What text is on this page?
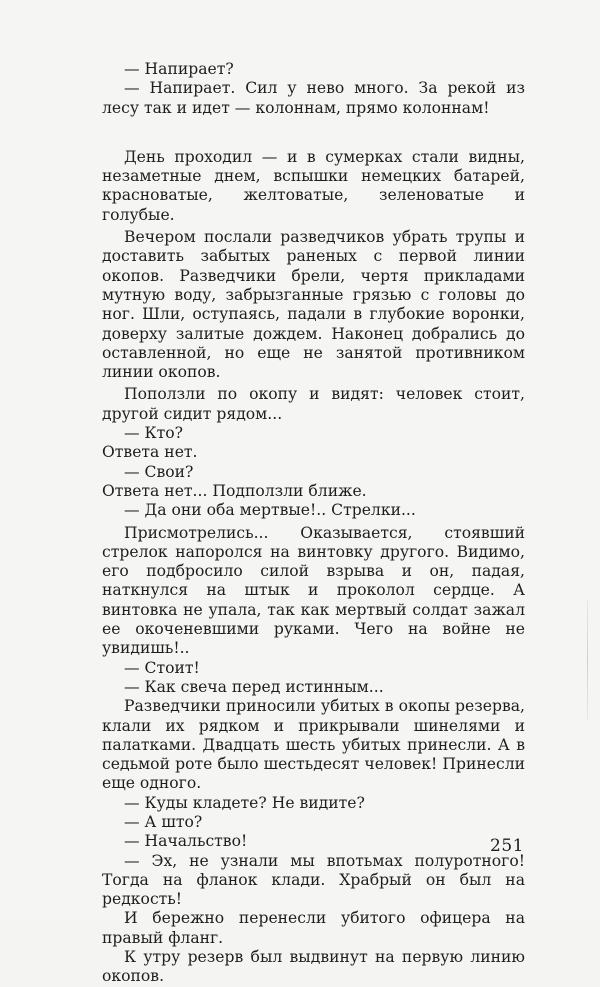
— Напирает?

— Напирает. Сил у нево много. За рекой из лесу так и идет — колоннам, прямо колоннам!

День проходил — и в сумерках стали видны, незаметные днем, вспышки немецких батарей, красноватые, желтоватые, зеленоватые и голубые.

Вечером послали разведчиков убрать трупы и доставить забытых раненых с первой линии окопов. Разведчики брели, чертя прикладами мутную воду, забрызганные грязью с головы до ног. Шли, оступаясь, падали в глубокие воронки, доверху залитые дождем. Наконец добрались до оставленной, но еще не занятой противником линии окопов.

Поползли по окопу и видят: человек стоит, другой сидит рядом...

— Кто?

Ответа нет.

— Свои?

Ответа нет... Подползли ближе.

— Да они оба мертвые!.. Стрелки...

Присмотрелись... Оказывается, стоявший стрелок напоролся на винтовку другого. Видимо, его подбросило силой взрыва и он, падая, наткнулся на штык и проколол сердце. А винтовка не упала, так как мертвый солдат зажал ее окоченевшими руками. Чего на войне не увидишь!..

— Стоит!

— Как свеча перед истинным...

Разведчики приносили убитых в окопы резерва, клали их рядком и прикрывали шинелями и палатками. Двадцать шесть убитых принесли. А в седьмой роте было шестьдесят человек! Принесли еще одного.

— Куды кладете? Не видите?

— А што?

— Начальство!

— Эх, не узнали мы впотьмах полуротного! Тогда на фланок клади. Храбрый он был на редкость!

И бережно перенесли убитого офицера на правый фланг.

К утру резерв был выдвинут на первую линию окопов.

251
